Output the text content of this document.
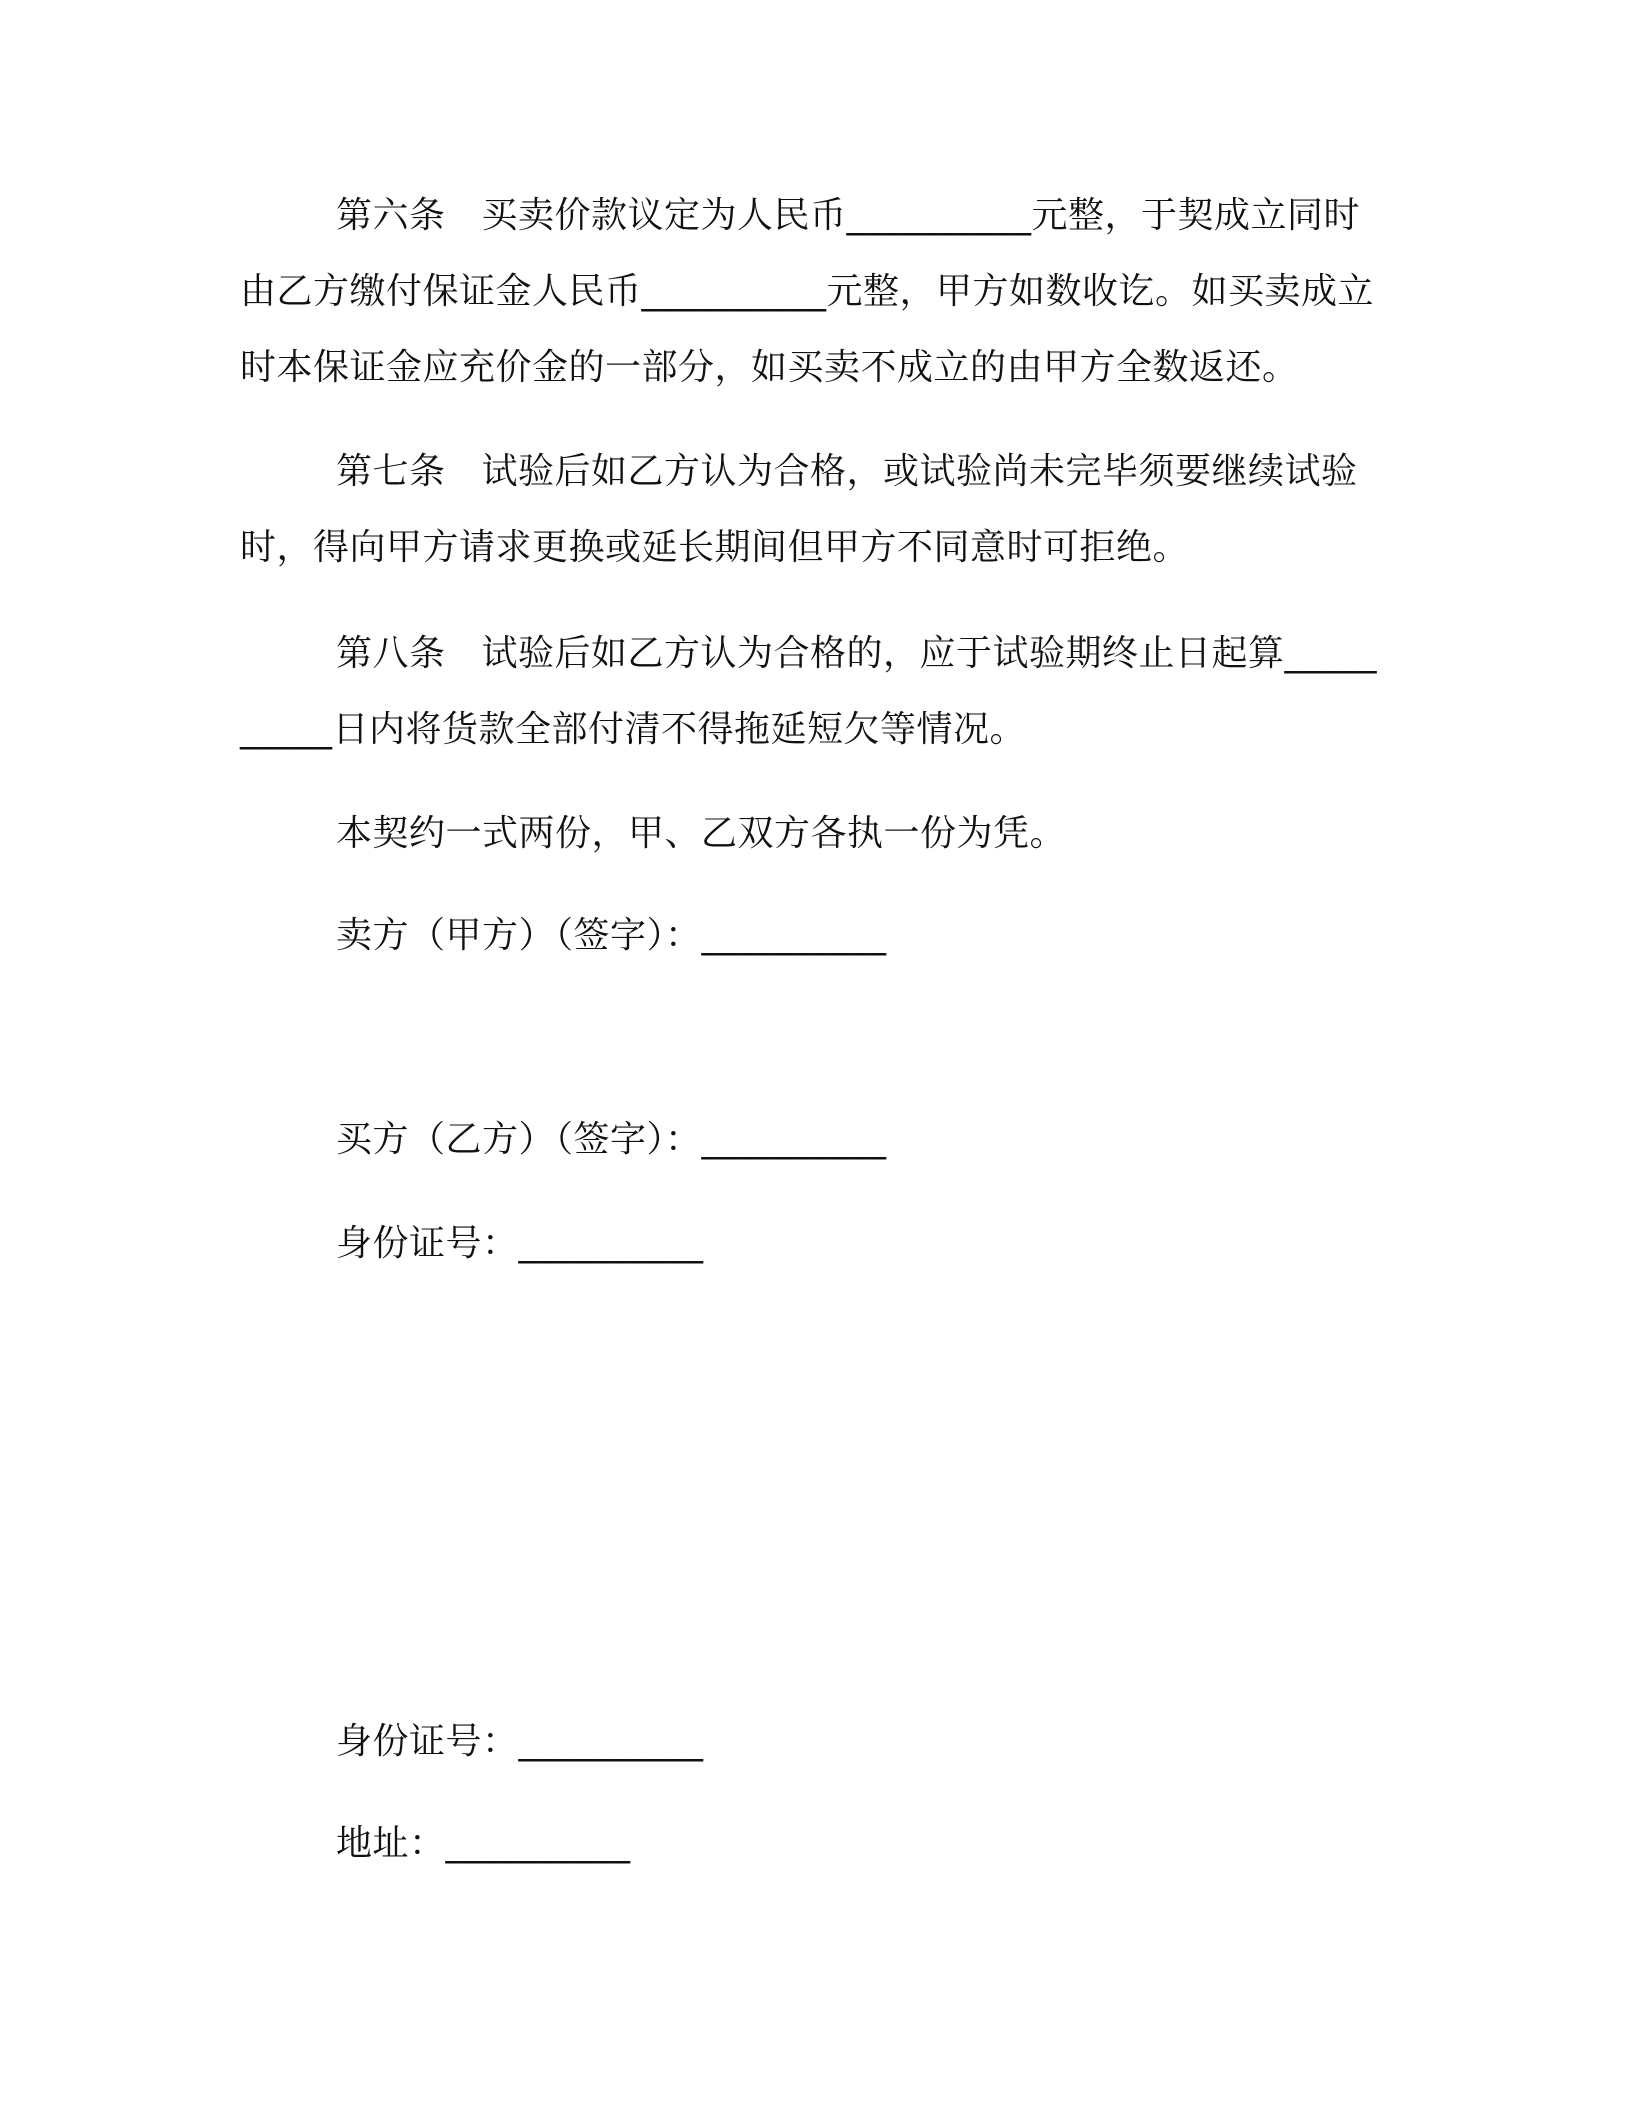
第六条 买卖价款议定为人民币__________元整，于契成立同时由乙方缴付保证金人民币__________元整，甲方如数收讫。如买卖成立时本保证金应充价金的一部分，如买卖不成立的由甲方全数返还。

第七条 试验后如乙方认为合格，或试验尚未完毕须要继续试验时，得向甲方请求更换或延长期间但甲方不同意时可拒绝。

第八条 试验后如乙方认为合格的，应于试验期终止日起算__________日内将货款全部付清不得拖延短欠等情况。

本契约一式两份，甲、乙双方各执一份为凭。

卖方（甲方）（签字）：__________

买方（乙方）（签字）：__________

身份证号：__________

身份证号：__________

地址：__________
